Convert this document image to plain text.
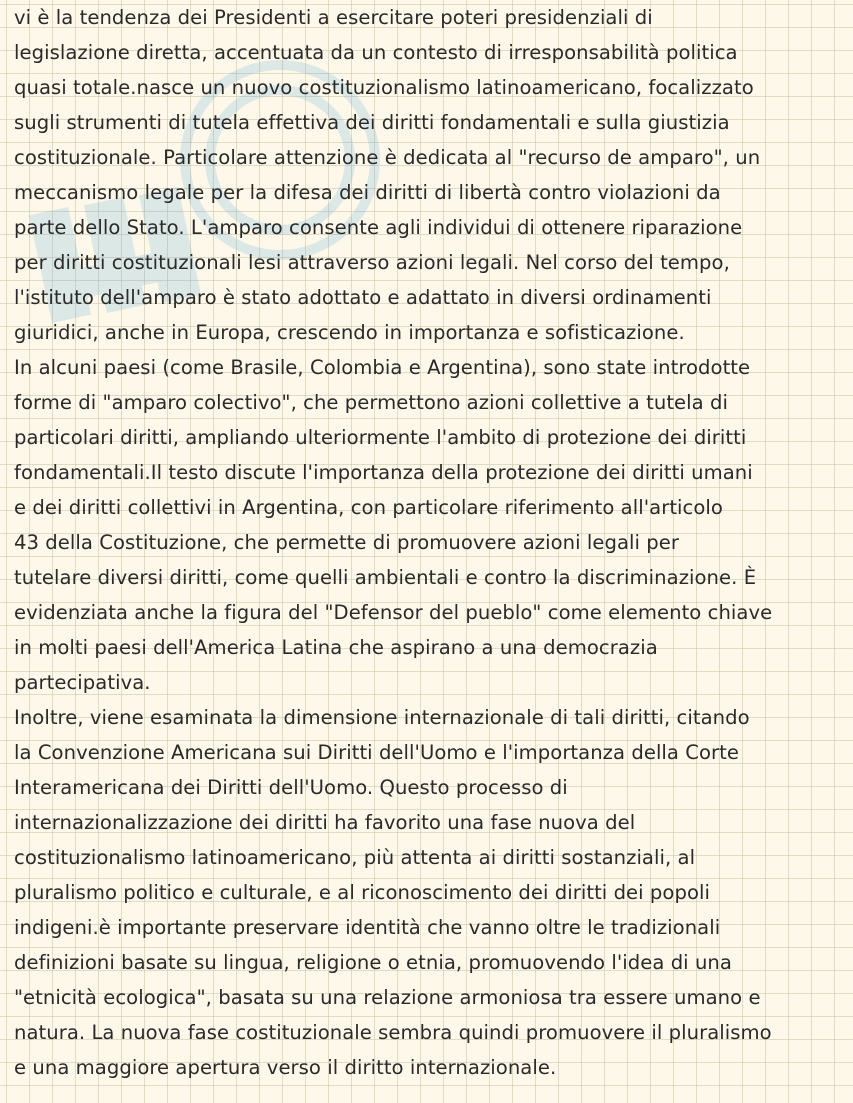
vi è la tendenza dei Presidenti a esercitare poteri presidenziali di
legislazione diretta, accentuata da un contesto di irresponsabilità politica
quasi totale.nasce un nuovo costituzionalismo latinoamericano, focalizzato
sugli strumenti di tutela effettiva dei diritti fondamentali e sulla giustizia
costituzionale. Particolare attenzione è dedicata al "recurso de amparo", un
meccanismo legale per la difesa dei diritti di libertà contro violazioni da
parte dello Stato. L'amparo consente agli individui di ottenere riparazione
per diritti costituzionali lesi attraverso azioni legali. Nel corso del tempo,
l'istituto dell'amparo è stato adottato e adattato in diversi ordinamenti
giuridici, anche in Europa, crescendo in importanza e sofisticazione.
In alcuni paesi (come Brasile, Colombia e Argentina), sono state introdotte
forme di "amparo colectivo", che permettono azioni collettive a tutela di
particolari diritti, ampliando ulteriormente l'ambito di protezione dei diritti
fondamentali.Il testo discute l'importanza della protezione dei diritti umani
e dei diritti collettivi in Argentina, con particolare riferimento all'articolo
43 della Costituzione, che permette di promuovere azioni legali per
tutelare diversi diritti, come quelli ambientali e contro la discriminazione. È
evidenziata anche la figura del "Defensor del pueblo" come elemento chiave
in molti paesi dell'America Latina che aspirano a una democrazia
partecipativa.
Inoltre, viene esaminata la dimensione internazionale di tali diritti, citando
la Convenzione Americana sui Diritti dell'Uomo e l'importanza della Corte
Interamericana dei Diritti dell'Uomo. Questo processo di
internazionalizzazione dei diritti ha favorito una fase nuova del
costituzionalismo latinoamericano, più attenta ai diritti sostanziali, al
pluralismo politico e culturale, e al riconoscimento dei diritti dei popoli
indigeni.è importante preservare identità che vanno oltre le tradizionali
definizioni basate su lingua, religione o etnia, promuovendo l'idea di una
"etnicità ecologica", basata su una relazione armoniosa tra essere umano e
natura. La nuova fase costituzionale sembra quindi promuovere il pluralismo
e una maggiore apertura verso il diritto internazionale.
